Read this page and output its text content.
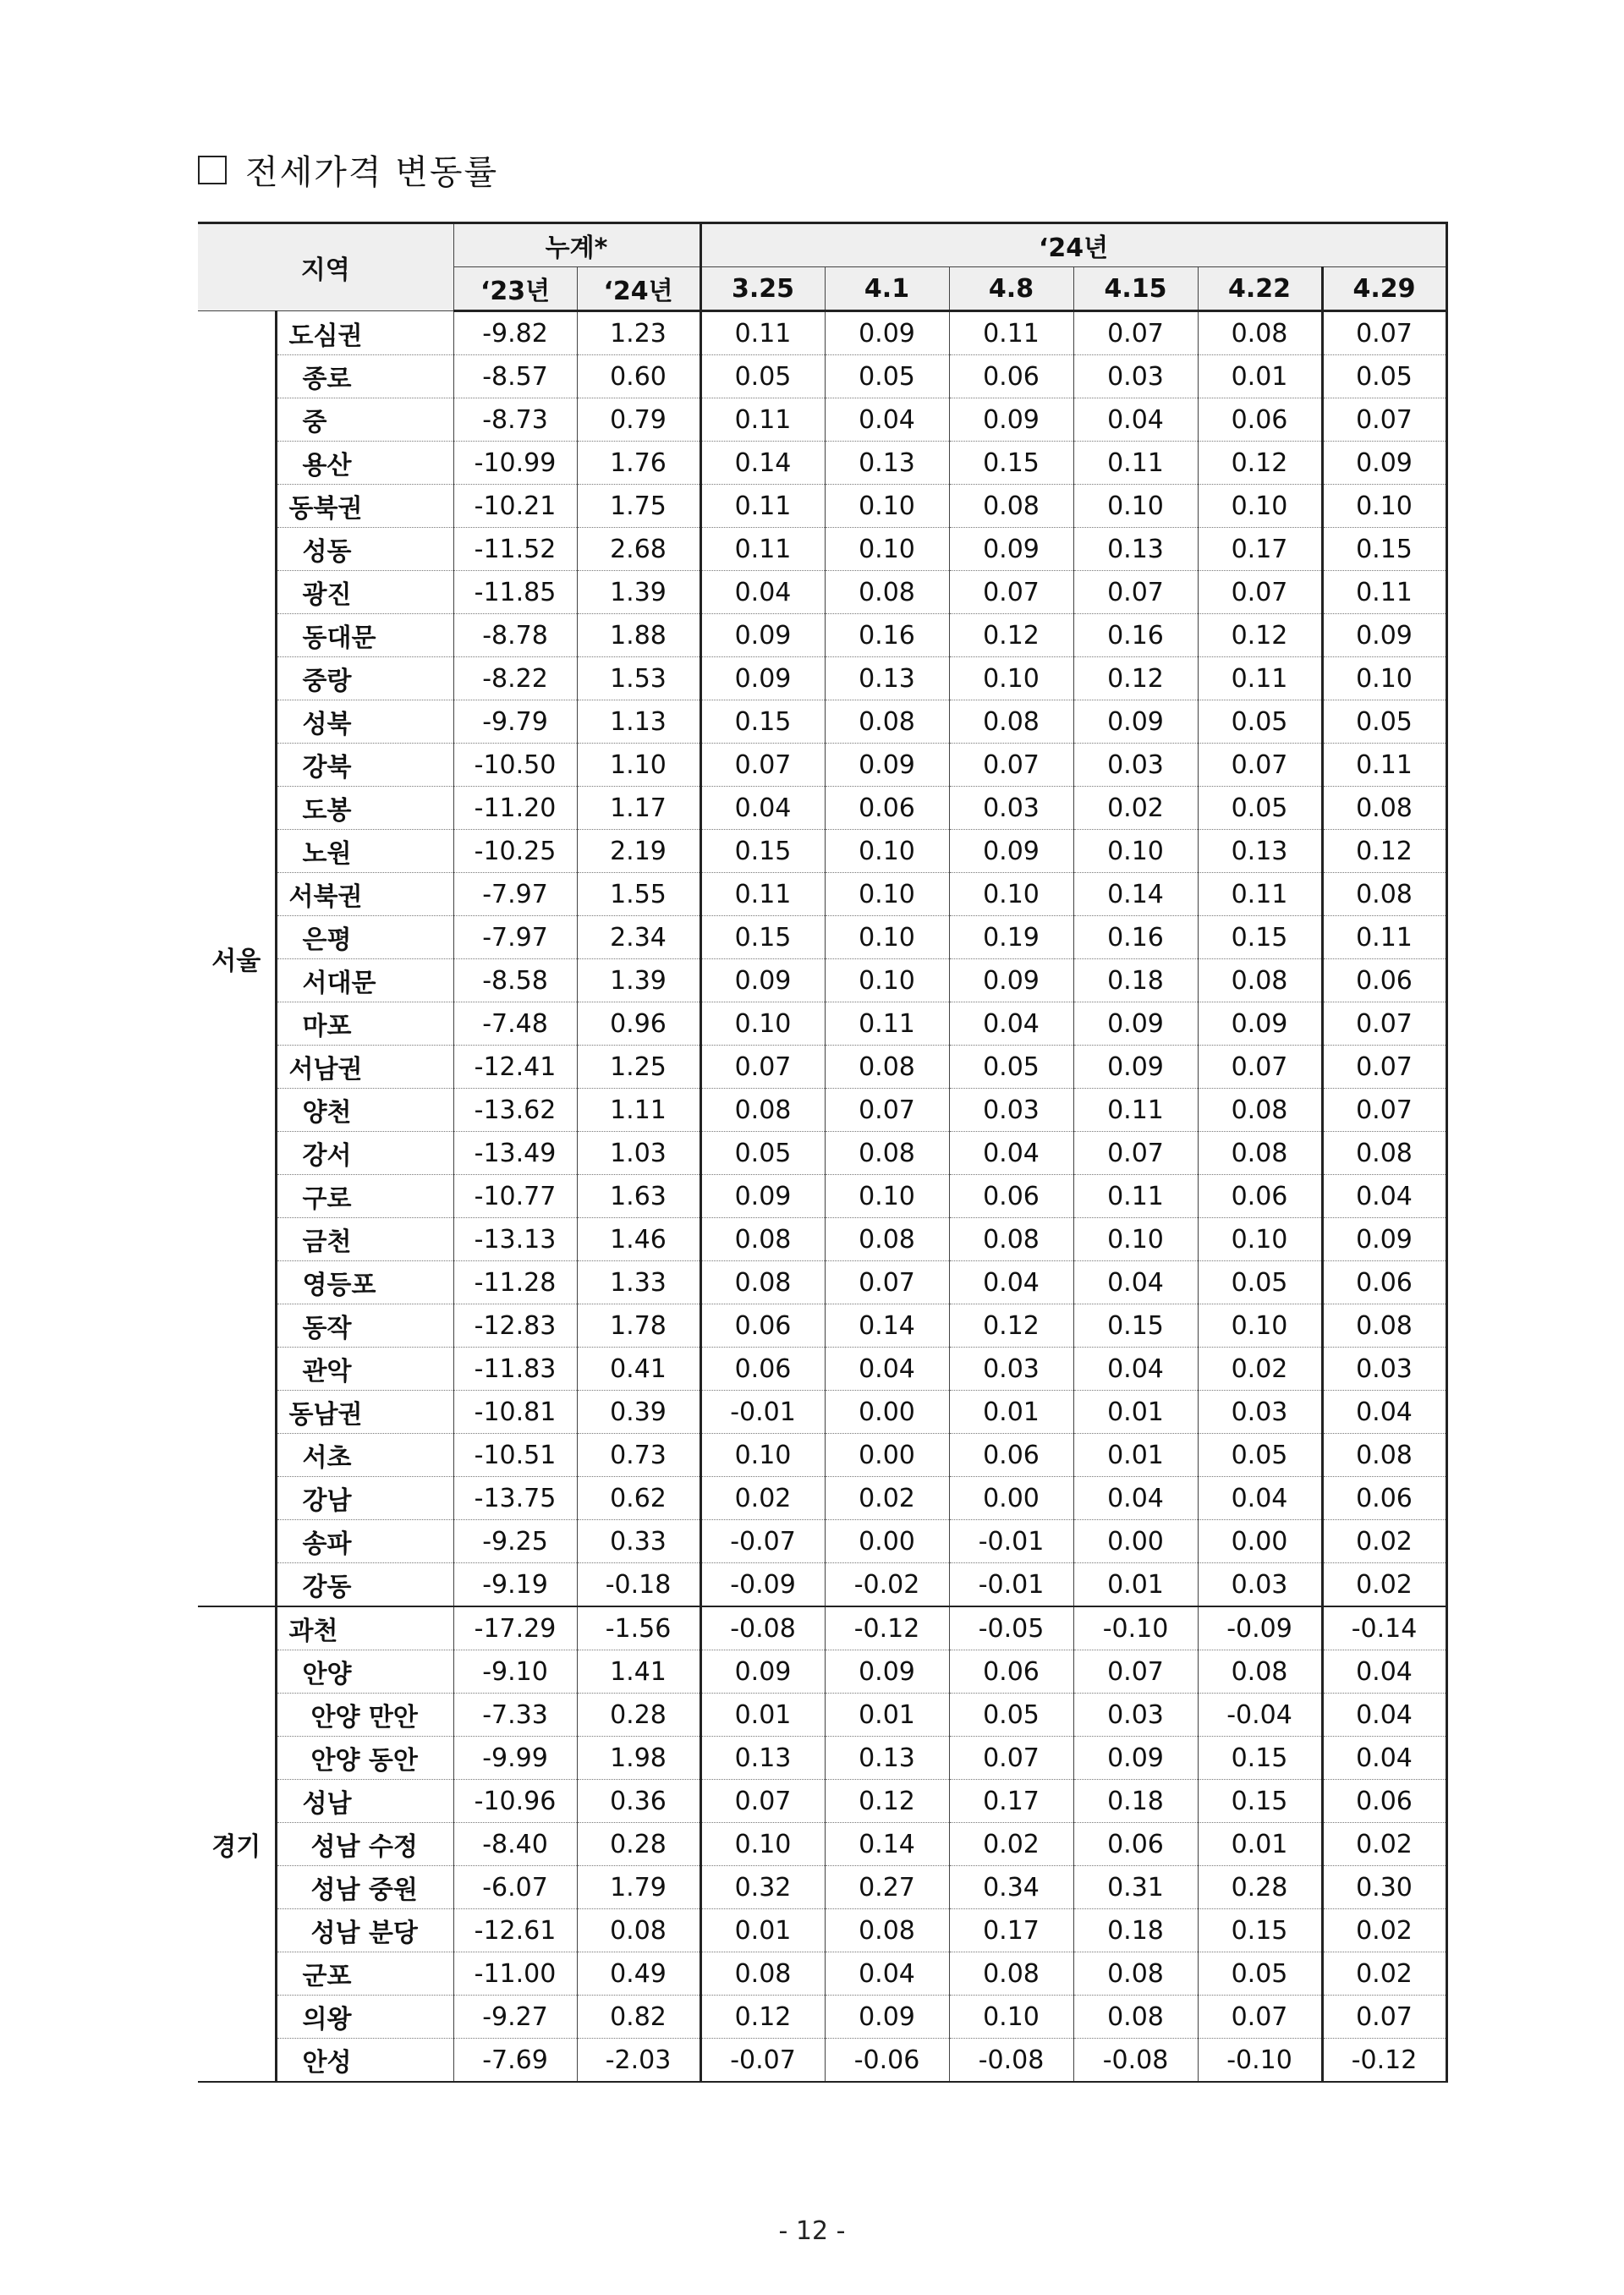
전세가격 변동률
지역		누계*		‘24년					
		‘23년	‘24년	3.25	4.1	4.8	4.15	4.22	4.29
서울	도심권	-9.82	1.23	0.11	0.09	0.11	0.07	0.08	0.07
	종로	-8.57	0.60	0.05	0.05	0.06	0.03	0.01	0.05
	중	-8.73	0.79	0.11	0.04	0.09	0.04	0.06	0.07
	용산	-10.99	1.76	0.14	0.13	0.15	0.11	0.12	0.09
	동북권	-10.21	1.75	0.11	0.10	0.08	0.10	0.10	0.10
	성동	-11.52	2.68	0.11	0.10	0.09	0.13	0.17	0.15
	광진	-11.85	1.39	0.04	0.08	0.07	0.07	0.07	0.11
	동대문	-8.78	1.88	0.09	0.16	0.12	0.16	0.12	0.09
	중랑	-8.22	1.53	0.09	0.13	0.10	0.12	0.11	0.10
	성북	-9.79	1.13	0.15	0.08	0.08	0.09	0.05	0.05
	강북	-10.50	1.10	0.07	0.09	0.07	0.03	0.07	0.11
	도봉	-11.20	1.17	0.04	0.06	0.03	0.02	0.05	0.08
	노원	-10.25	2.19	0.15	0.10	0.09	0.10	0.13	0.12
	서북권	-7.97	1.55	0.11	0.10	0.10	0.14	0.11	0.08
	은평	-7.97	2.34	0.15	0.10	0.19	0.16	0.15	0.11
	서대문	-8.58	1.39	0.09	0.10	0.09	0.18	0.08	0.06
	마포	-7.48	0.96	0.10	0.11	0.04	0.09	0.09	0.07
	서남권	-12.41	1.25	0.07	0.08	0.05	0.09	0.07	0.07
	양천	-13.62	1.11	0.08	0.07	0.03	0.11	0.08	0.07
	강서	-13.49	1.03	0.05	0.08	0.04	0.07	0.08	0.08
	구로	-10.77	1.63	0.09	0.10	0.06	0.11	0.06	0.04
	금천	-13.13	1.46	0.08	0.08	0.08	0.10	0.10	0.09
	영등포	-11.28	1.33	0.08	0.07	0.04	0.04	0.05	0.06
	동작	-12.83	1.78	0.06	0.14	0.12	0.15	0.10	0.08
	관악	-11.83	0.41	0.06	0.04	0.03	0.04	0.02	0.03
	동남권	-10.81	0.39	-0.01	0.00	0.01	0.01	0.03	0.04
	서초	-10.51	0.73	0.10	0.00	0.06	0.01	0.05	0.08
	강남	-13.75	0.62	0.02	0.02	0.00	0.04	0.04	0.06
	송파	-9.25	0.33	-0.07	0.00	-0.01	0.00	0.00	0.02
	강동	-9.19	-0.18	-0.09	-0.02	-0.01	0.01	0.03	0.02
경기	과천	-17.29	-1.56	-0.08	-0.12	-0.05	-0.10	-0.09	-0.14
	안양	-9.10	1.41	0.09	0.09	0.06	0.07	0.08	0.04
	안양 만안	-7.33	0.28	0.01	0.01	0.05	0.03	-0.04	0.04
	안양 동안	-9.99	1.98	0.13	0.13	0.07	0.09	0.15	0.04
	성남	-10.96	0.36	0.07	0.12	0.17	0.18	0.15	0.06
	성남 수정	-8.40	0.28	0.10	0.14	0.02	0.06	0.01	0.02
	성남 중원	-6.07	1.79	0.32	0.27	0.34	0.31	0.28	0.30
	성남 분당	-12.61	0.08	0.01	0.08	0.17	0.18	0.15	0.02
	군포	-11.00	0.49	0.08	0.04	0.08	0.08	0.05	0.02
	의왕	-9.27	0.82	0.12	0.09	0.10	0.08	0.07	0.07
	안성	-7.69	-2.03	-0.07	-0.06	-0.08	-0.08	-0.10	-0.12
- 12 -
